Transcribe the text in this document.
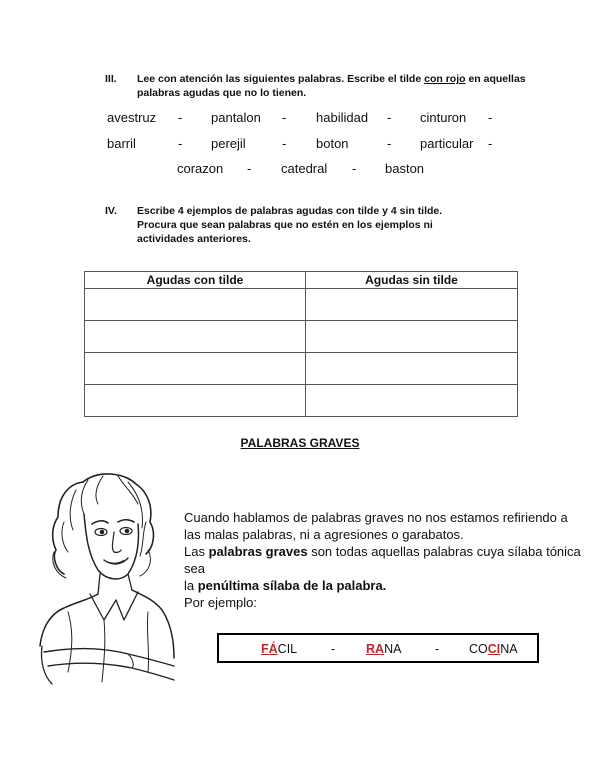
III. Lee con atención las siguientes palabras. Escribe el tilde con rojo en aquellas
palabras agudas que no lo tienen.
avestruz - pantalon - habilidad - cinturon -
barril	- perejil	- boton	- particular -
corazon - catedral - baston
IV. Escribe 4 ejemplos de palabras agudas con tilde y 4 sin tilde.
Procura que sean palabras que no estén en los ejemplos ni
actividades anteriores.
Agudas con tilde	Agudas sin tilde

PALABRAS GRAVES
Cuando hablamos de palabras graves no nos estamos refiriendo a
las malas palabras, ni a agresiones o garabatos.
Las palabras graves son todas aquellas palabras cuya sílaba tónica sea
la penúltima sílaba de la palabra.
Por ejemplo:
FÁCIL	- RANA	- COCINA
